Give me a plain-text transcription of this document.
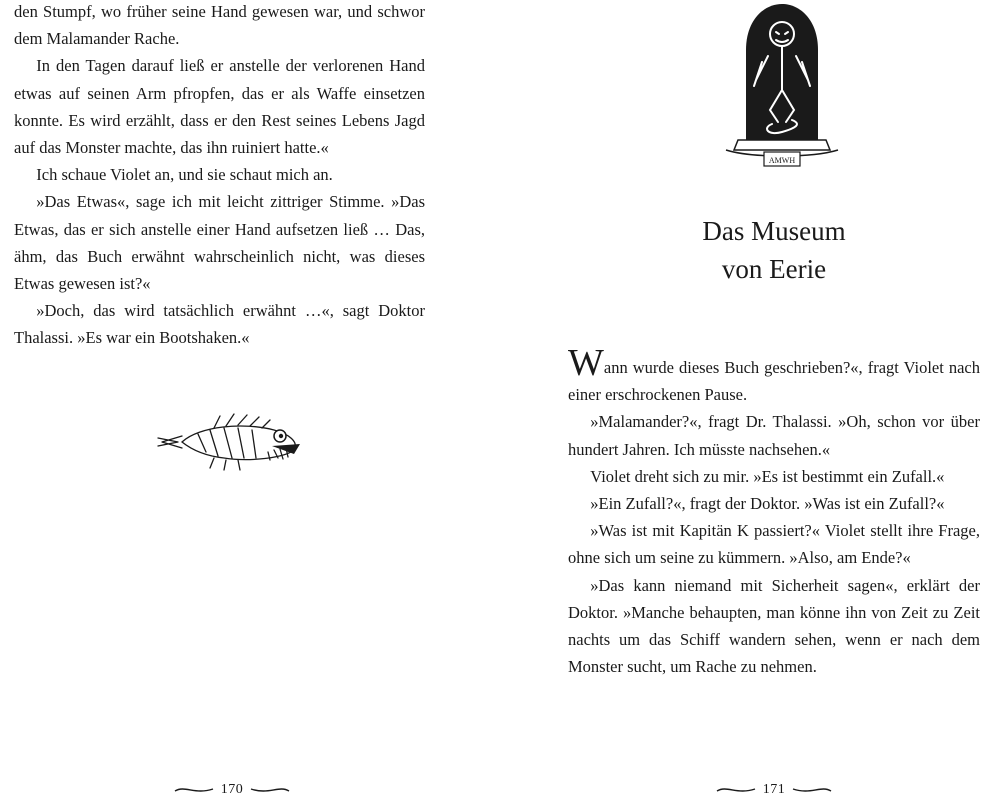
den Stumpf, wo früher seine Hand gewesen war, und schwor dem Malamander Rache.

In den Tagen darauf ließ er anstelle der verlorenen Hand etwas auf seinen Arm pfropfen, das er als Waffe einsetzen konnte. Es wird erzählt, dass er den Rest seines Lebens Jagd auf das Monster machte, das ihn ruiniert hatte.«

Ich schaue Violet an, und sie schaut mich an.

»Das Etwas«, sage ich mit leicht zittriger Stimme. »Das Etwas, das er sich anstelle einer Hand aufsetzen ließ … Das, ähm, das Buch erwähnt wahrscheinlich nicht, was dieses Etwas gewesen ist?«

»Doch, das wird tatsächlich erwähnt …«, sagt Doktor Thalassi. »Es war ein Bootshaken.«

170
AMWH
Das Museum
von Eerie

Wann wurde dieses Buch geschrieben?«, fragt Violet nach einer erschrockenen Pause.

»Malamander?«, fragt Dr. Thalassi. »Oh, schon vor über hundert Jahren. Ich müsste nachsehen.«

Violet dreht sich zu mir. »Es ist bestimmt ein Zufall.«

»Ein Zufall?«, fragt der Doktor. »Was ist ein Zufall?«

»Was ist mit Kapitän K passiert?« Violet stellt ihre Frage, ohne sich um seine zu kümmern. »Also, am Ende?«

»Das kann niemand mit Sicherheit sagen«, erklärt der Doktor. »Manche behaupten, man könne ihn von Zeit zu Zeit nachts um das Schiff wandern sehen, wenn er nach dem Monster sucht, um Rache zu nehmen.

171
